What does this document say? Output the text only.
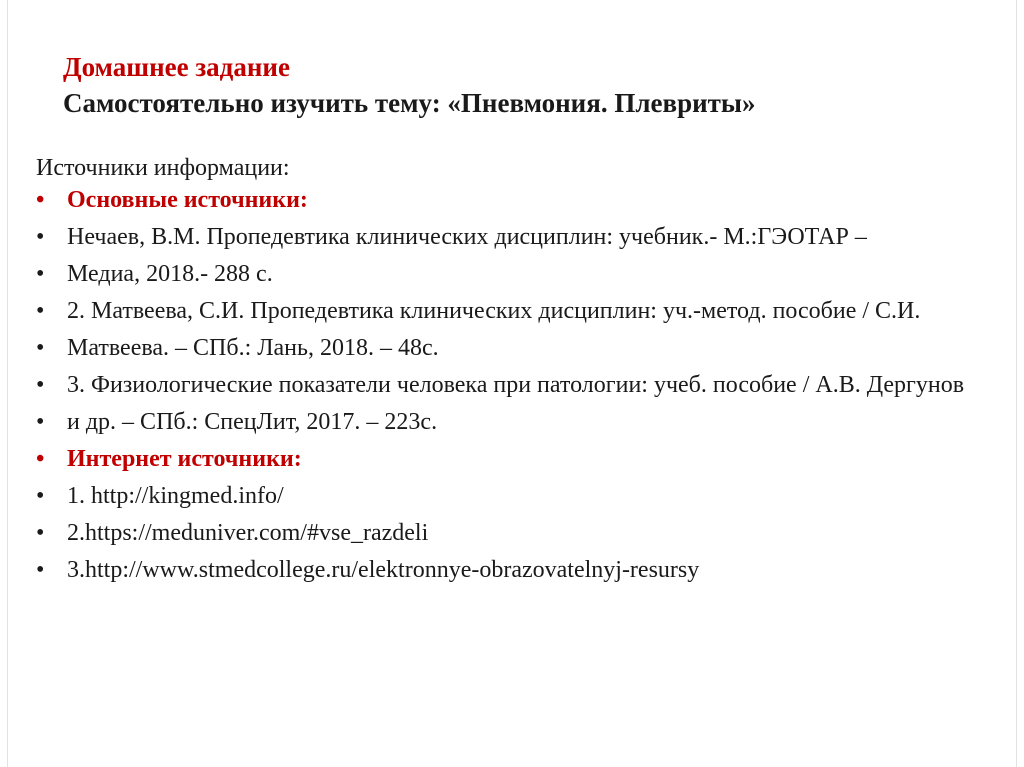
Домашнее задание
Самостоятельно изучить тему: «Пневмония. Плевриты»
Источники информации:
• Основные источники:
• Нечаев, В.М. Пропедевтика клинических дисциплин: учебник.- М.:ГЭОТАР –
• Медиа, 2018.- 288 с.
• 2. Матвеева, С.И. Пропедевтика клинических дисциплин: уч.-метод. пособие / С.И.
• Матвеева. – СПб.: Лань, 2018. – 48с.
• 3. Физиологические показатели человека при патологии: учеб. пособие / А.В. Дергунов
• и др. – СПб.: СпецЛит, 2017. – 223с.
• Интернет источники:
• 1. http://kingmed.info/
• 2.https://meduniver.com/#vse_razdeli
• 3.http://www.stmedcollege.ru/elektronnye-obrazovatelnyj-resursy
